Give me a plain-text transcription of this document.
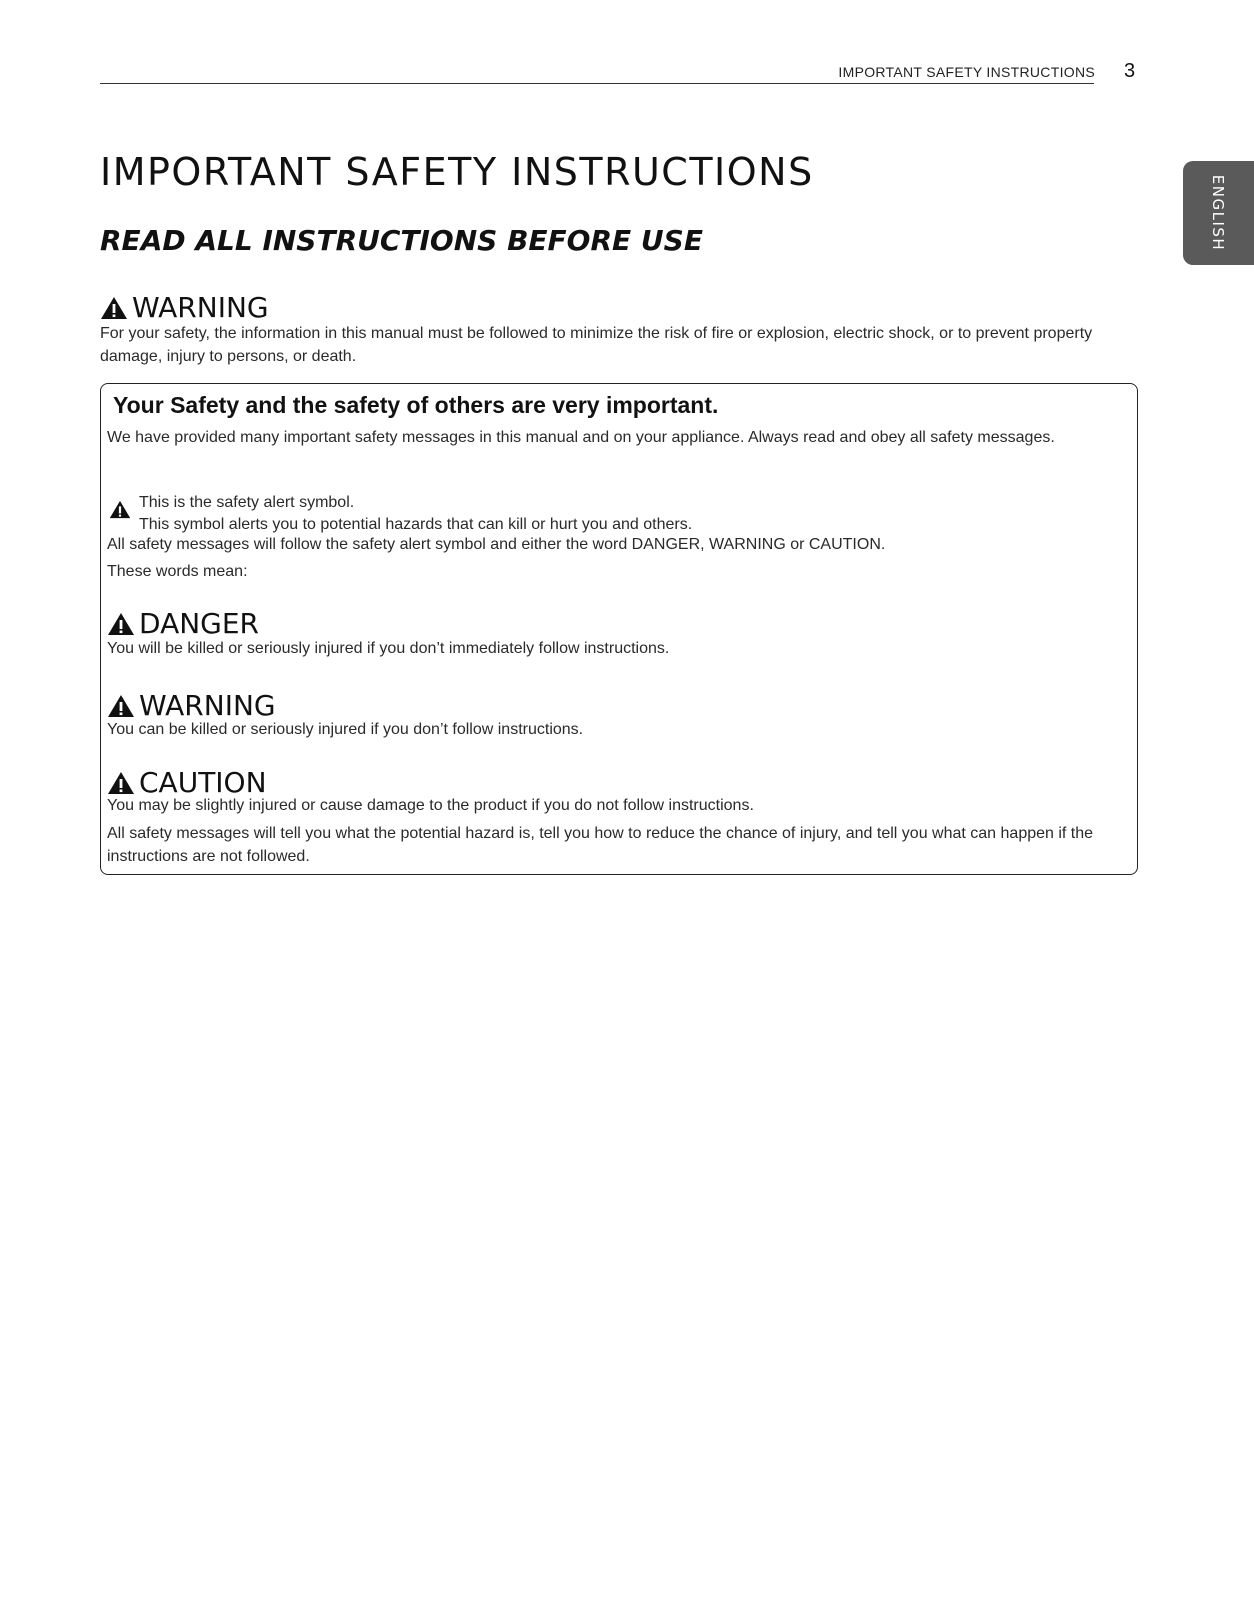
IMPORTANT SAFETY INSTRUCTIONS 3
ENGLISH
IMPORTANT SAFETY INSTRUCTIONS
READ ALL INSTRUCTIONS BEFORE USE
WARNING

For your safety, the information in this manual must be followed to minimize the risk of fire or explosion, electric shock, or to prevent property damage, injury to persons, or death.

Your Safety and the safety of others are very important.

We have provided many important safety messages in this manual and on your appliance. Always read and obey all safety messages.

This is the safety alert symbol.

This symbol alerts you to potential hazards that can kill or hurt you and others.

All safety messages will follow the safety alert symbol and either the word DANGER, WARNING or CAUTION.

These words mean:

DANGER

You will be killed or seriously injured if you don’t immediately follow instructions.

WARNING

You can be killed or seriously injured if you don’t follow instructions.

CAUTION

You may be slightly injured or cause damage to the product if you do not follow instructions.

All safety messages will tell you what the potential hazard is, tell you how to reduce the chance of injury, and tell you what can happen if the instructions are not followed.
